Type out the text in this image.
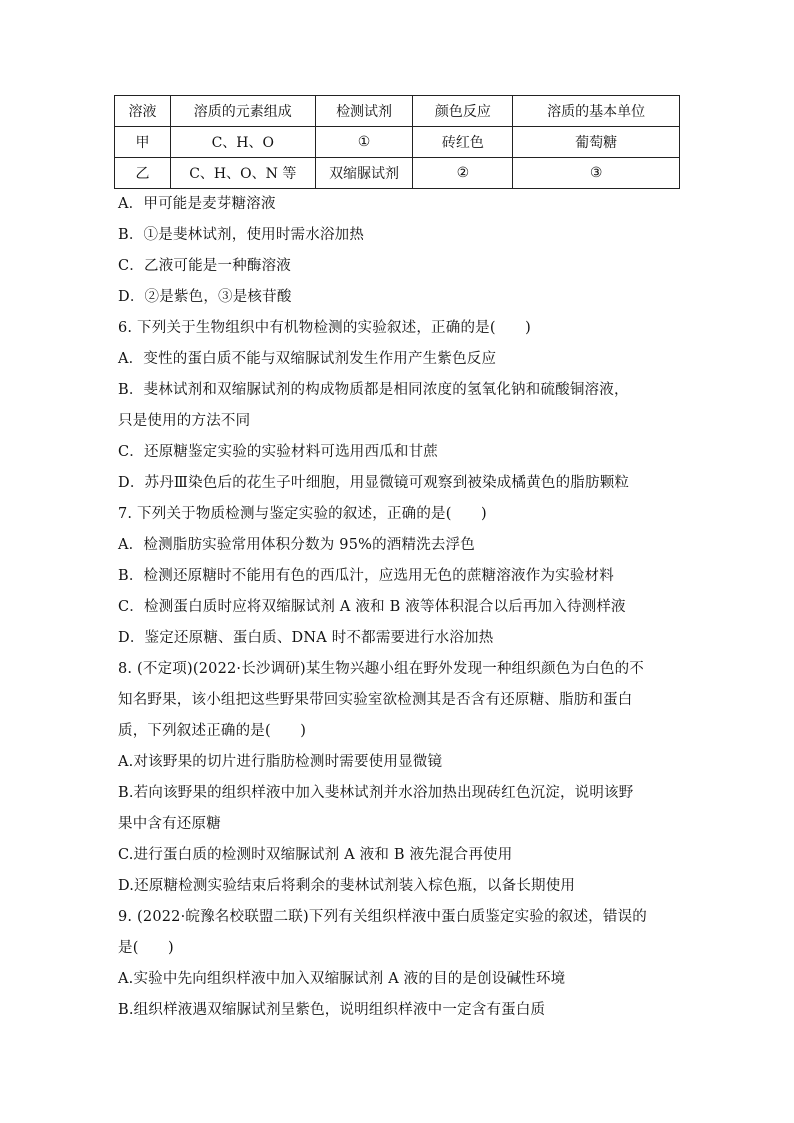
溶液	溶质的元素组成	检测试剂	颜色反应	溶质的基本单位
甲	C、H、O	①	砖红色	葡萄糖
乙	C、H、O、N 等	双缩脲试剂	②	③
A．甲可能是麦芽糖溶液
B．①是斐林试剂，使用时需水浴加热
C．乙液可能是一种酶溶液
D．②是紫色，③是核苷酸
6. 下列关于生物组织中有机物检测的实验叙述，正确的是(　　)
A．变性的蛋白质不能与双缩脲试剂发生作用产生紫色反应
B．斐林试剂和双缩脲试剂的构成物质都是相同浓度的氢氧化钠和硫酸铜溶液，
只是使用的方法不同
C．还原糖鉴定实验的实验材料可选用西瓜和甘蔗
D．苏丹Ⅲ染色后的花生子叶细胞，用显微镜可观察到被染成橘黄色的脂肪颗粒
7. 下列关于物质检测与鉴定实验的叙述，正确的是(　　)
A．检测脂肪实验常用体积分数为 95%的酒精洗去浮色
B．检测还原糖时不能用有色的西瓜汁，应选用无色的蔗糖溶液作为实验材料
C．检测蛋白质时应将双缩脲试剂 A 液和 B 液等体积混合以后再加入待测样液
D．鉴定还原糖、蛋白质、DNA 时不都需要进行水浴加热
8. (不定项)(2022·长沙调研)某生物兴趣小组在野外发现一种组织颜色为白色的不
知名野果，该小组把这些野果带回实验室欲检测其是否含有还原糖、脂肪和蛋白
质，下列叙述正确的是(　　)
A.对该野果的切片进行脂肪检测时需要使用显微镜
B.若向该野果的组织样液中加入斐林试剂并水浴加热出现砖红色沉淀，说明该野
果中含有还原糖
C.进行蛋白质的检测时双缩脲试剂 A 液和 B 液先混合再使用
D.还原糖检测实验结束后将剩余的斐林试剂装入棕色瓶，以备长期使用
9. (2022·皖豫名校联盟二联)下列有关组织样液中蛋白质鉴定实验的叙述，错误的
是(　　)
A.实验中先向组织样液中加入双缩脲试剂 A 液的目的是创设碱性环境
B.组织样液遇双缩脲试剂呈紫色，说明组织样液中一定含有蛋白质
